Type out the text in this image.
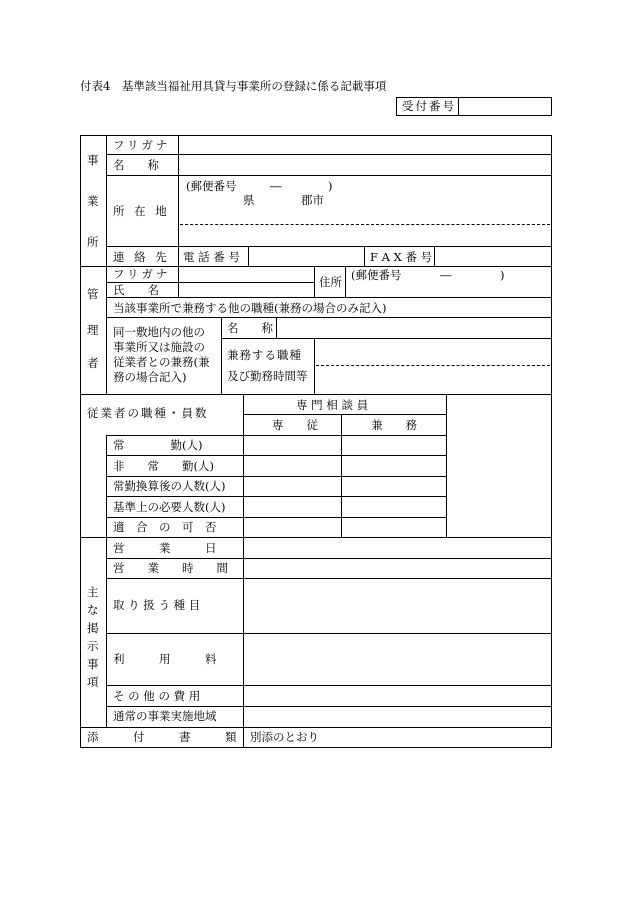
付表4　基準該当福祉用具貸与事業所の登録に係る記載事項
受付番号
事
業
所
フリガナ
名　　称
所 在 地
(郵便番号	―	)
県	郡市
連 絡 先 電 話 番 号	F A X 番 号
管
理
者
フリガナ
氏　　名
住所 (郵便番号	―	)
当該事業所で兼務する他の職種(兼務の場合のみ記入)
同一敷地内の他の
事業所又は施設の
従業者との兼務(兼
務の場合記入)
名　　称
兼務する職種
及び勤務時間等
従業者の職種・員数
専 門 相 談 員
専　　従	兼　　務
常　　　　勤(人)
非　　常　　勤(人)
常勤換算後の人数(人)
基準上の必要人数(人)
適　合　の　可　否
主
な
掲
示
事
項
営　　　業　　　日
営　　業　　時　　間
取 り 扱 う 種 目
利　　　用　　　料
そ の 他 の 費 用
通常の事業実施地域
添　　　付　　　書　　　類 別添のとおり
